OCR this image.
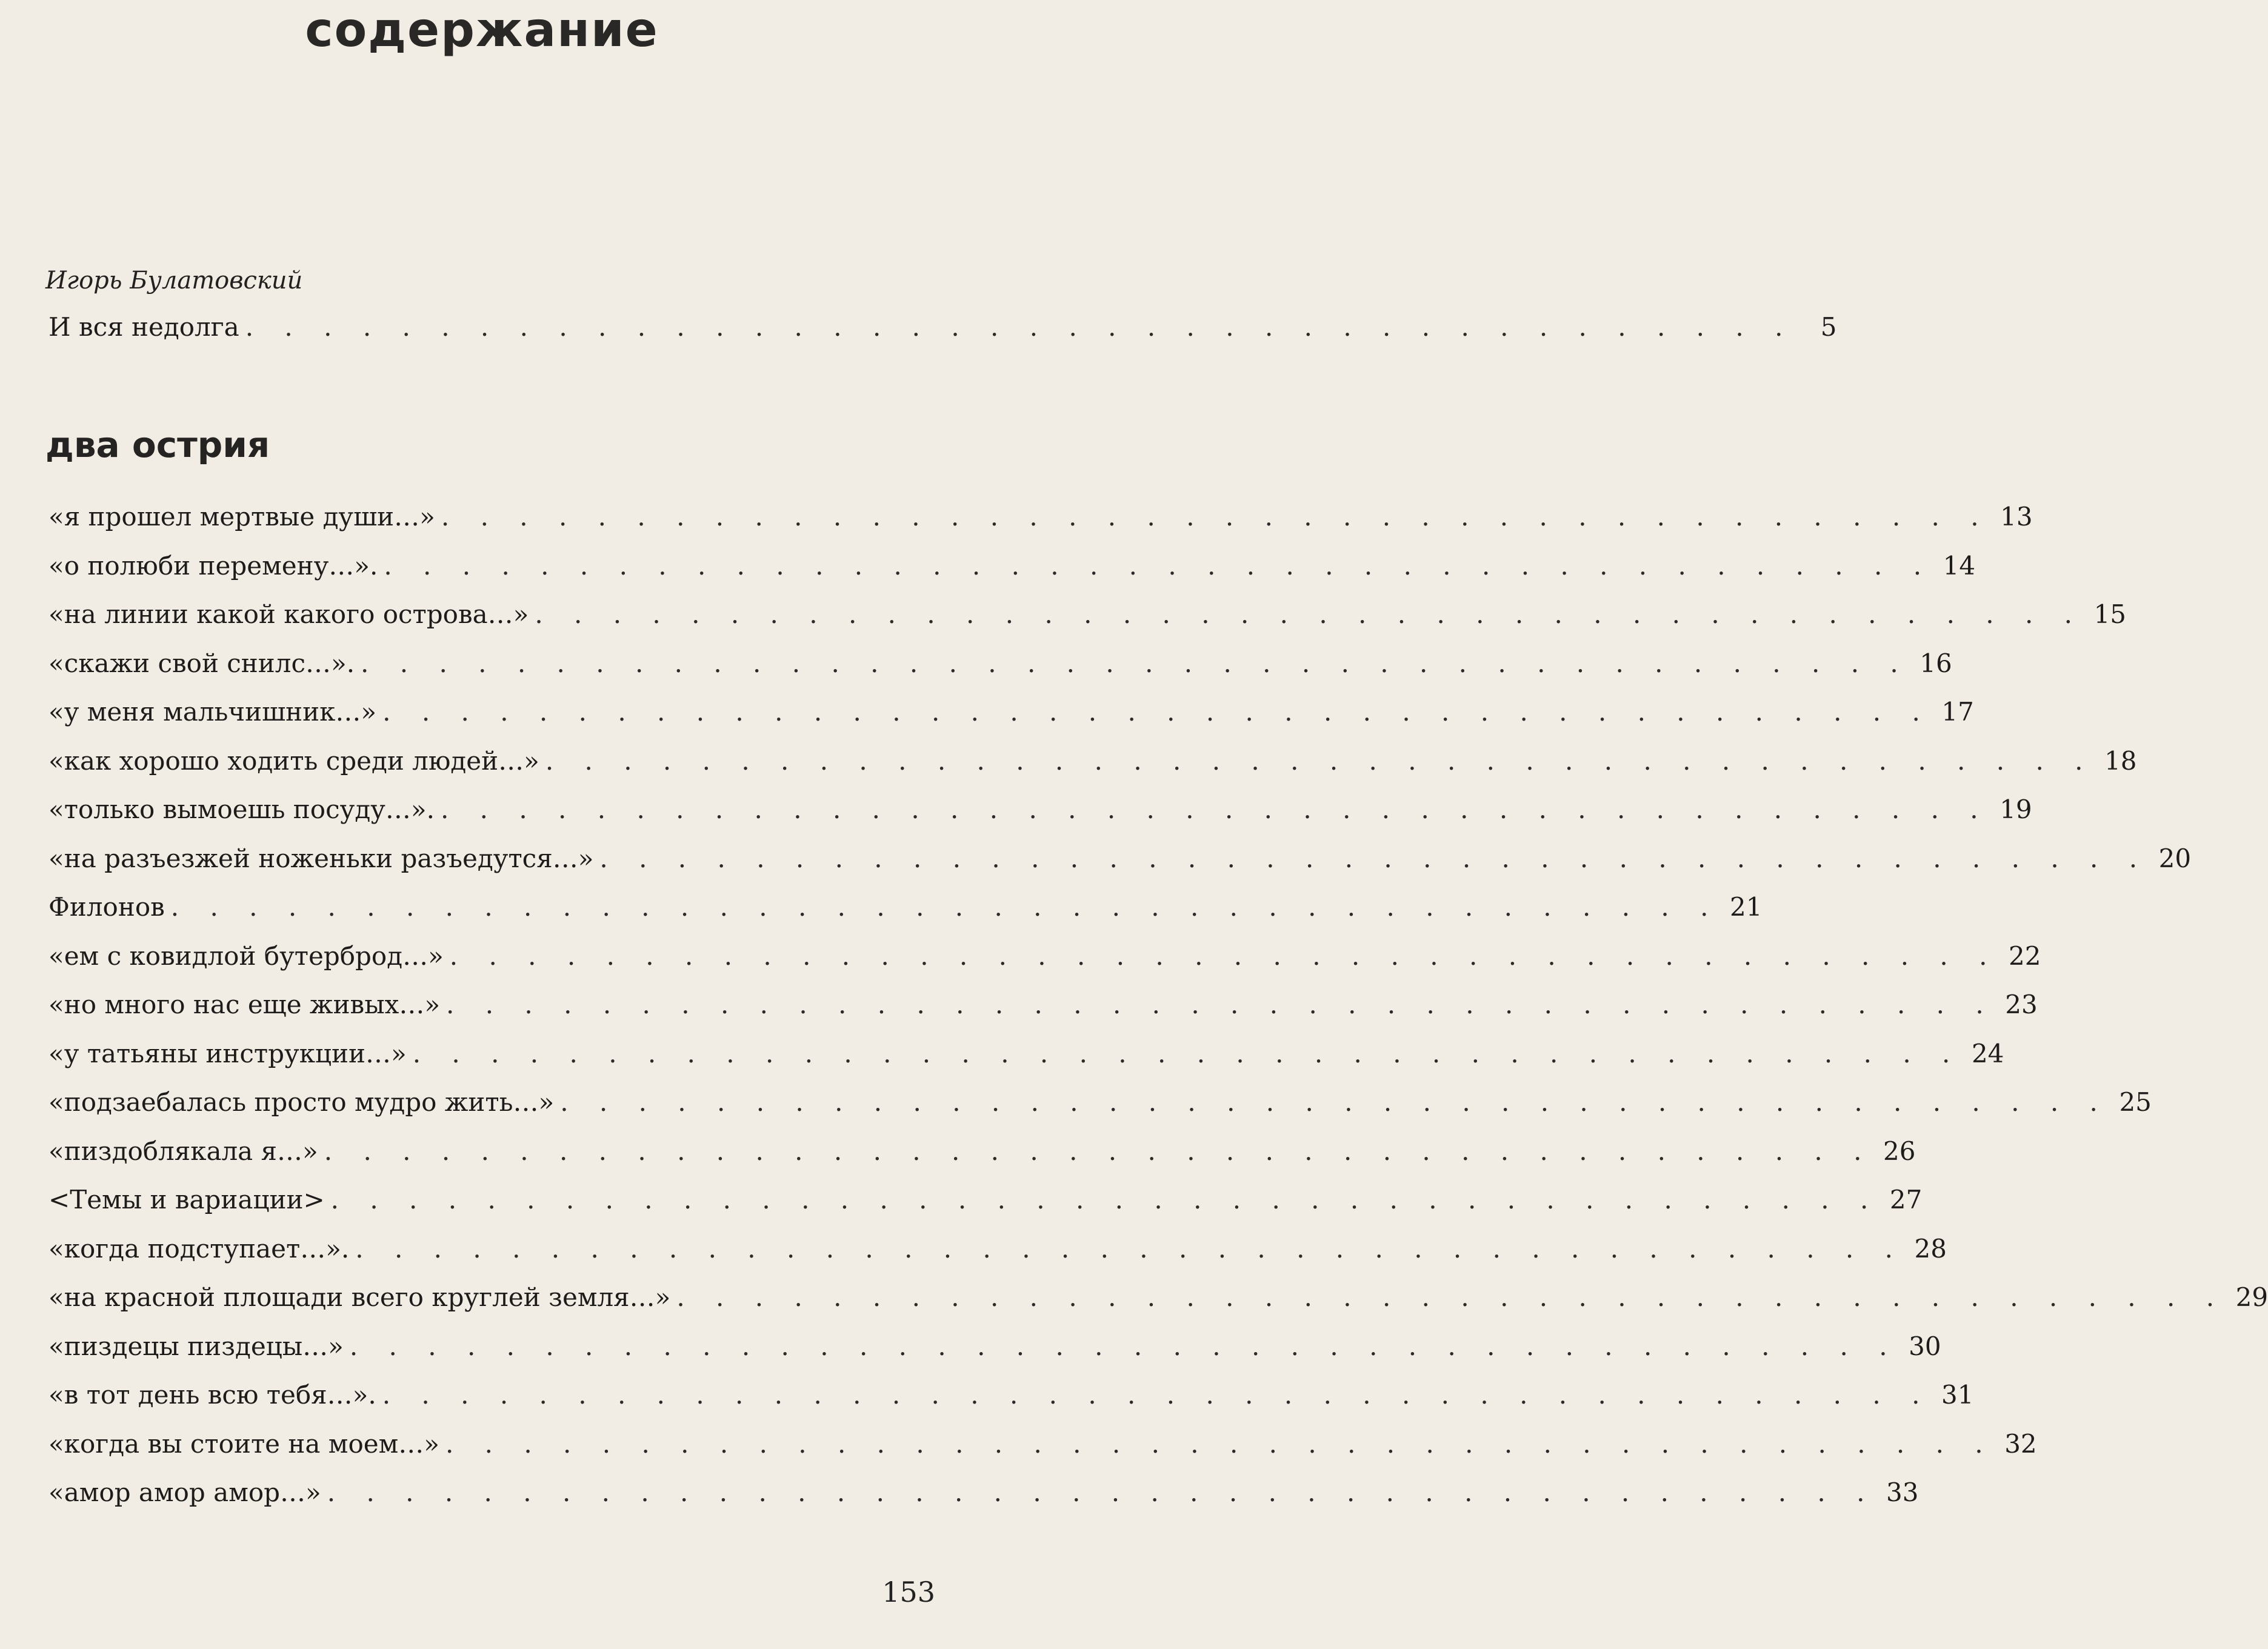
содержание
Игорь Булатовский
И вся недолга . . . . . . . . . . . . . . . . . . . . . . . . . . . . . . . . . . . . . . . .	5
два острия
«я прошел мертвые души…» . . . . . . . . . . . . . . . . . . . . . . . . . . . . . . . . . . . . . . . . 13
«о полюби перемену…». . . . . . . . . . . . . . . . . . . . . . . . . . . . . . . . . . . . . . . . . 14
«на линии какой какого острова…» . . . . . . . . . . . . . . . . . . . . . . . . . . . . . . . . . . . . . . . . 15
«скажи свой снилс…». . . . . . . . . . . . . . . . . . . . . . . . . . . . . . . . . . . . . . . . . 16
«у меня мальчишник…» . . . . . . . . . . . . . . . . . . . . . . . . . . . . . . . . . . . . . . . . 17
«как хорошо ходить среди людей…» . . . . . . . . . . . . . . . . . . . . . . . . . . . . . . . . . . . . . . . . 18
«только вымоешь посуду…». . . . . . . . . . . . . . . . . . . . . . . . . . . . . . . . . . . . . . . . . 19
«на разъезжей ноженьки разъедутся…» . . . . . . . . . . . . . . . . . . . . . . . . . . . . . . . . . . . . . . . . 20
Филонов . . . . . . . . . . . . . . . . . . . . . . . . . . . . . . . . . . . . . . . . 21
«ем с ковидлой бутерброд…» . . . . . . . . . . . . . . . . . . . . . . . . . . . . . . . . . . . . . . . . 22
«но много нас еще живых…» . . . . . . . . . . . . . . . . . . . . . . . . . . . . . . . . . . . . . . . . 23
«у татьяны инструкции…» . . . . . . . . . . . . . . . . . . . . . . . . . . . . . . . . . . . . . . . . 24
«подзаебалась просто мудро жить…» . . . . . . . . . . . . . . . . . . . . . . . . . . . . . . . . . . . . . . . . 25
«пиздоблякала я…» . . . . . . . . . . . . . . . . . . . . . . . . . . . . . . . . . . . . . . . . 26
<Темы и вариации> . . . . . . . . . . . . . . . . . . . . . . . . . . . . . . . . . . . . . . . . 27
«когда подступает…». . . . . . . . . . . . . . . . . . . . . . . . . . . . . . . . . . . . . . . . . 28
«на красной площади всего круглей земля…» . . . . . . . . . . . . . . . . . . . . . . . . . . . . . . . . . . . . . . . . 29
«пиздецы пиздецы…» . . . . . . . . . . . . . . . . . . . . . . . . . . . . . . . . . . . . . . . . 30
«в тот день всю тебя…». . . . . . . . . . . . . . . . . . . . . . . . . . . . . . . . . . . . . . . . . 31
«когда вы стоите на моем…» . . . . . . . . . . . . . . . . . . . . . . . . . . . . . . . . . . . . . . . . 32
«амор амор амор…» . . . . . . . . . . . . . . . . . . . . . . . . . . . . . . . . . . . . . . . . 33
153
